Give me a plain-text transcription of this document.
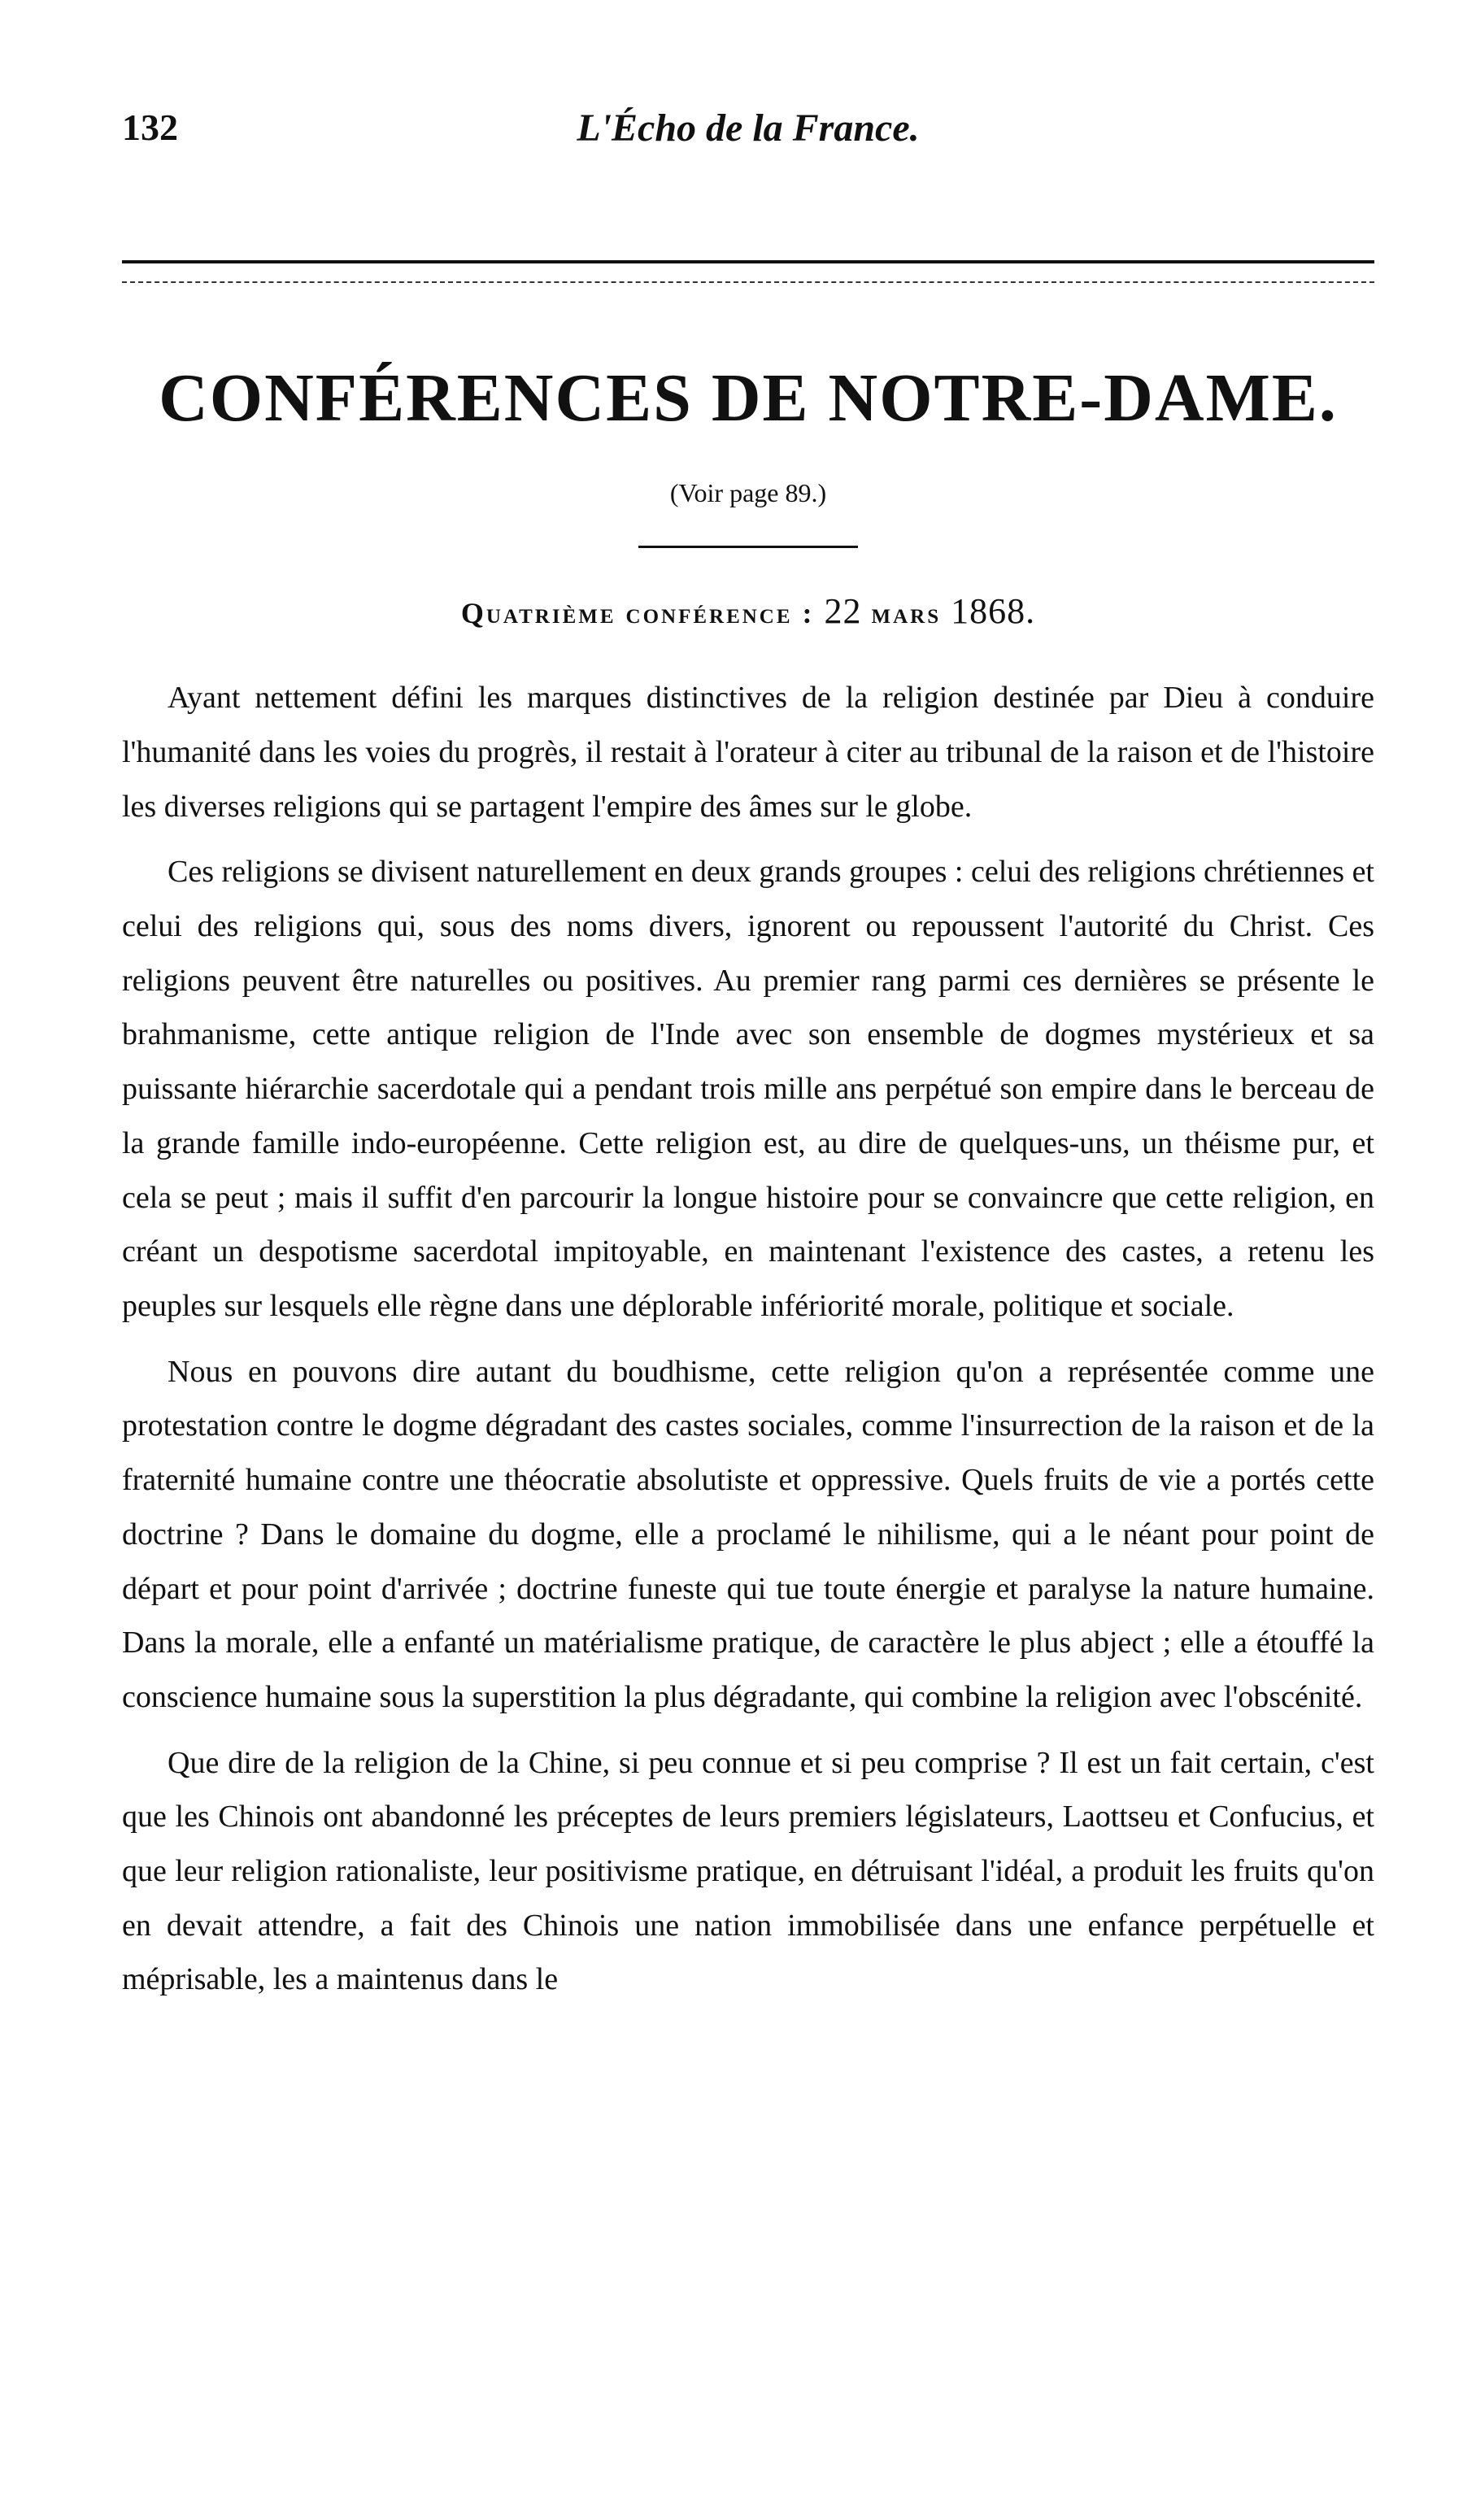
132	L'Écho de la France.
CONFÉRENCES DE NOTRE-DAME.
(Voir page 89.)
Quatrième conférence : 22 mars 1868.

Ayant nettement défini les marques distinctives de la religion destinée par Dieu à conduire l'humanité dans les voies du progrès, il restait à l'orateur à citer au tribunal de la raison et de l'histoire les diverses religions qui se partagent l'empire des âmes sur le globe.

Ces religions se divisent naturellement en deux grands groupes : celui des religions chrétiennes et celui des religions qui, sous des noms divers, ignorent ou repoussent l'autorité du Christ. Ces religions peuvent être naturelles ou positives. Au premier rang parmi ces dernières se présente le brahmanisme, cette antique religion de l'Inde avec son ensemble de dogmes mystérieux et sa puissante hiérarchie sacerdotale qui a pendant trois mille ans perpétué son empire dans le berceau de la grande famille indo-européenne. Cette religion est, au dire de quelques-uns, un théisme pur, et cela se peut ; mais il suffit d'en parcourir la longue histoire pour se convaincre que cette religion, en créant un despotisme sacerdotal impitoyable, en maintenant l'existence des castes, a retenu les peuples sur lesquels elle règne dans une déplorable infériorité morale, politique et sociale.

Nous en pouvons dire autant du boudhisme, cette religion qu'on a représentée comme une protestation contre le dogme dégradant des castes sociales, comme l'insurrection de la raison et de la fraternité humaine contre une théocratie absolutiste et oppressive. Quels fruits de vie a portés cette doctrine ? Dans le domaine du dogme, elle a proclamé le nihilisme, qui a le néant pour point de départ et pour point d'arrivée ; doctrine funeste qui tue toute énergie et paralyse la nature humaine. Dans la morale, elle a enfanté un matérialisme pratique, de caractère le plus abject ; elle a étouffé la conscience humaine sous la superstition la plus dégradante, qui combine la religion avec l'obscénité.

Que dire de la religion de la Chine, si peu connue et si peu comprise ? Il est un fait certain, c'est que les Chinois ont abandonné les préceptes de leurs premiers législateurs, Laottseu et Confucius, et que leur religion rationaliste, leur positivisme pratique, en détruisant l'idéal, a produit les fruits qu'on en devait attendre, a fait des Chinois une nation immobilisée dans une enfance perpétuelle et méprisable, les a maintenus dans le
